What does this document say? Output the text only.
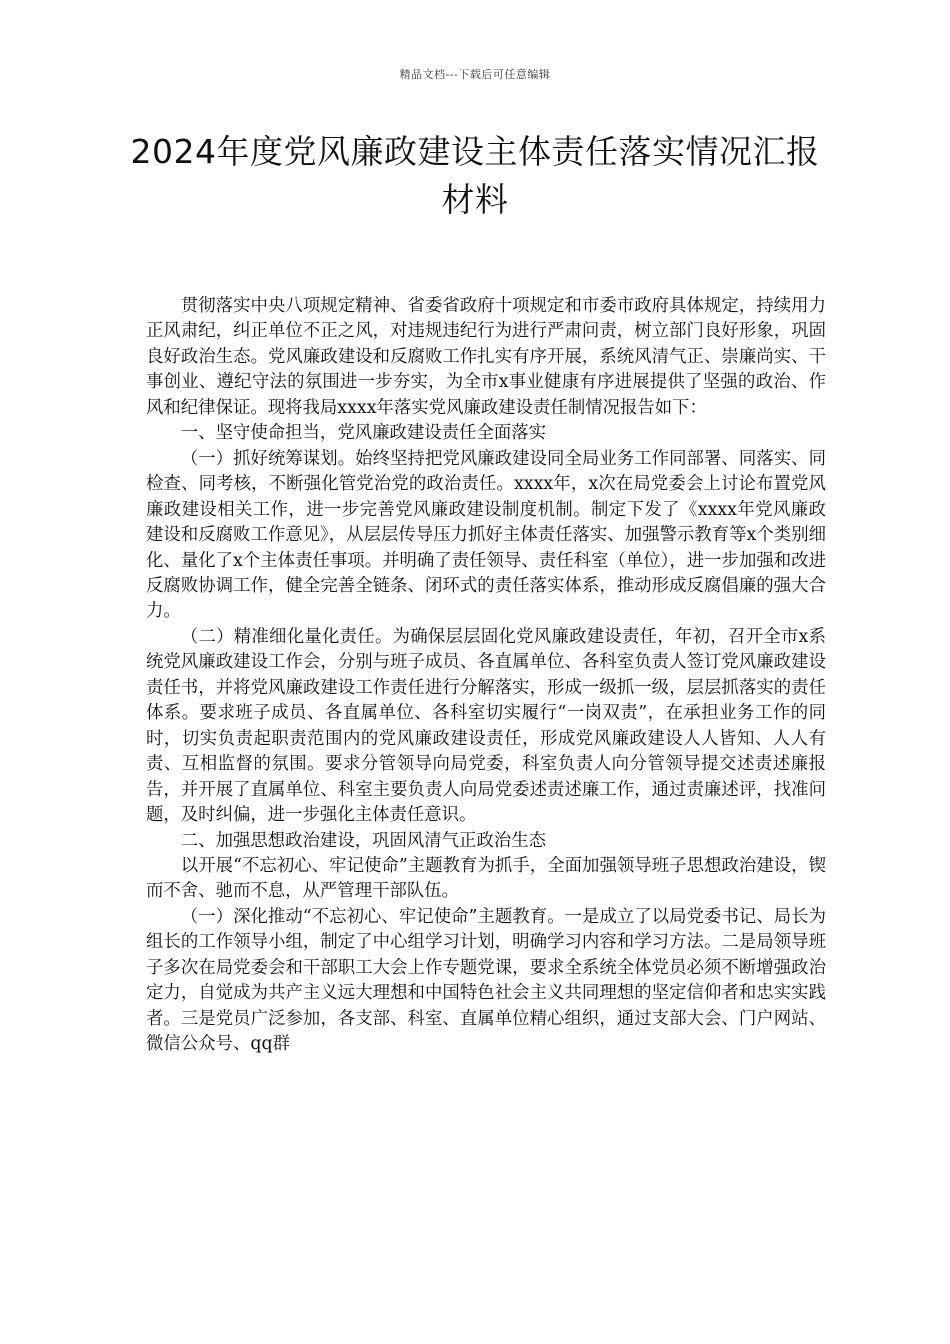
精品文档---下载后可任意编辑
2024年度党风廉政建设主体责任落实情况汇报材料

贯彻落实中央八项规定精神、省委省政府十项规定和市委市政府具体规定，持续用力正风肃纪，纠正单位不正之风，对违规违纪行为进行严肃问责，树立部门良好形象，巩固良好政治生态。党风廉政建设和反腐败工作扎实有序开展，系统风清气正、崇廉尚实、干事创业、遵纪守法的氛围进一步夯实，为全市x事业健康有序进展提供了坚强的政治、作风和纪律保证。现将我局xxxx年落实党风廉政建设责任制情况报告如下：

一、坚守使命担当，党风廉政建设责任全面落实

（一）抓好统筹谋划。始终坚持把党风廉政建设同全局业务工作同部署、同落实、同检查、同考核，不断强化管党治党的政治责任。xxxx年，x次在局党委会上讨论布置党风廉政建设相关工作，进一步完善党风廉政建设制度机制。制定下发了《xxxx年党风廉政建设和反腐败工作意见》，从层层传导压力抓好主体责任落实、加强警示教育等x个类别细化、量化了x个主体责任事项。并明确了责任领导、责任科室（单位），进一步加强和改进反腐败协调工作，健全完善全链条、闭环式的责任落实体系，推动形成反腐倡廉的强大合力。

（二）精准细化量化责任。为确保层层固化党风廉政建设责任，年初，召开全市x系统党风廉政建设工作会，分别与班子成员、各直属单位、各科室负责人签订党风廉政建设责任书，并将党风廉政建设工作责任进行分解落实，形成一级抓一级，层层抓落实的责任体系。要求班子成员、各直属单位、各科室切实履行“一岗双责”，在承担业务工作的同时，切实负责起职责范围内的党风廉政建设责任，形成党风廉政建设人人皆知、人人有责、互相监督的氛围。要求分管领导向局党委，科室负责人向分管领导提交述责述廉报告，并开展了直属单位、科室主要负责人向局党委述责述廉工作，通过责廉述评，找准问题，及时纠偏，进一步强化主体责任意识。

二、加强思想政治建设，巩固风清气正政治生态

以开展“不忘初心、牢记使命”主题教育为抓手，全面加强领导班子思想政治建设，锲而不舍、驰而不息，从严管理干部队伍。

（一）深化推动“不忘初心、牢记使命”主题教育。一是成立了以局党委书记、局长为组长的工作领导小组，制定了中心组学习计划，明确学习内容和学习方法。二是局领导班子多次在局党委会和干部职工大会上作专题党课，要求全系统全体党员必须不断增强政治定力，自觉成为共产主义远大理想和中国特色社会主义共同理想的坚定信仰者和忠实实践者。三是党员广泛参加，各支部、科室、直属单位精心组织，通过支部大会、门户网站、微信公众号、qq群
